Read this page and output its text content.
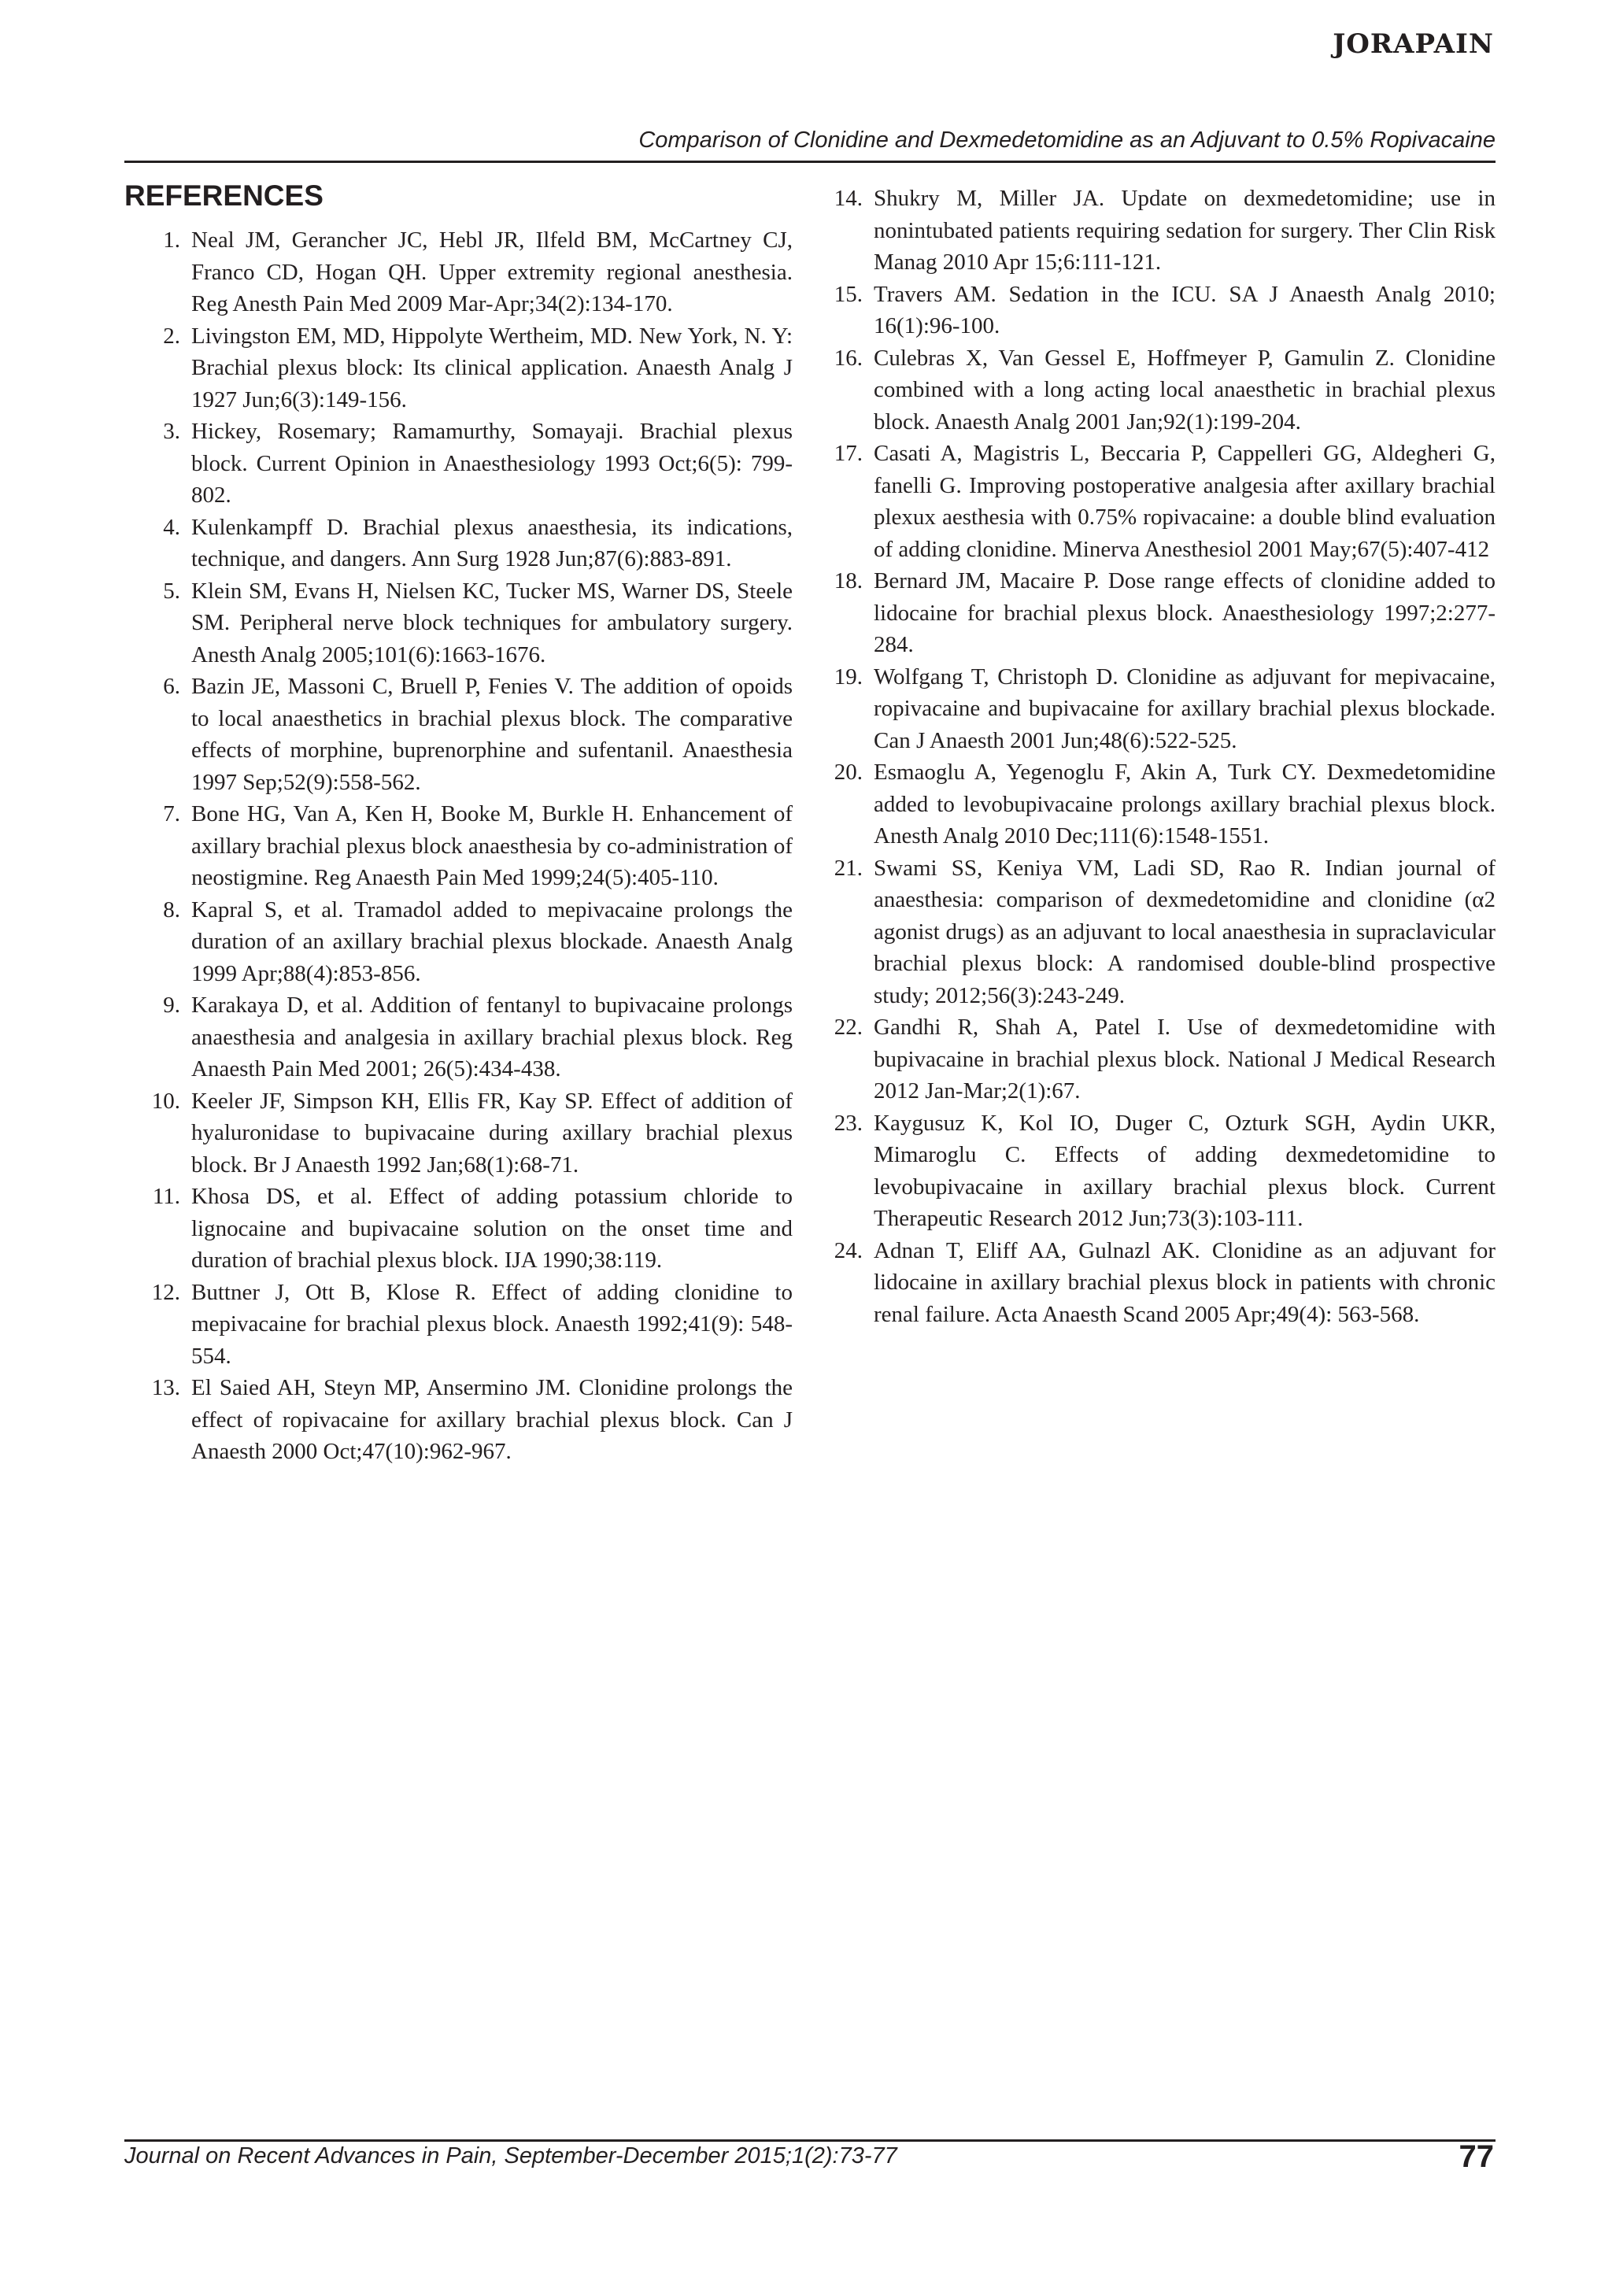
JORAPAIN
Comparison of Clonidine and Dexmedetomidine as an Adjuvant to 0.5% Ropivacaine
REFERENCES
1. Neal JM, Gerancher JC, Hebl JR, Ilfeld BM, McCartney CJ, Franco CD, Hogan QH. Upper extremity regional anesthesia. Reg Anesth Pain Med 2009 Mar-Apr;34(2):134-170.
2. Livingston EM, MD, Hippolyte Wertheim, MD. New York, N. Y: Brachial plexus block: Its clinical application. Anaesth Analg J 1927 Jun;6(3):149-156.
3. Hickey, Rosemary; Ramamurthy, Somayaji. Brachial plexus block. Current Opinion in Anaesthesiology 1993 Oct;6(5): 799-802.
4. Kulenkampff D. Brachial plexus anaesthesia, its indications, technique, and dangers. Ann Surg 1928 Jun;87(6):883-891.
5. Klein SM, Evans H, Nielsen KC, Tucker MS, Warner DS, Steele SM. Peripheral nerve block techniques for ambulatory surgery. Anesth Analg 2005;101(6):1663-1676.
6. Bazin JE, Massoni C, Bruell P, Fenies V. The addition of opoids to local anaesthetics in brachial plexus block. The comparative effects of morphine, buprenorphine and sufentanil. Anaesthesia 1997 Sep;52(9):558-562.
7. Bone HG, Van A, Ken H, Booke M, Burkle H. Enhancement of axillary brachial plexus block anaesthesia by co-administration of neostigmine. Reg Anaesth Pain Med 1999;24(5):405-110.
8. Kapral S, et al. Tramadol added to mepivacaine prolongs the duration of an axillary brachial plexus blockade. Anaesth Analg 1999 Apr;88(4):853-856.
9. Karakaya D, et al. Addition of fentanyl to bupivacaine prolongs anaesthesia and analgesia in axillary brachial plexus block. Reg Anaesth Pain Med 2001; 26(5):434-438.
10. Keeler JF, Simpson KH, Ellis FR, Kay SP. Effect of addition of hyaluronidase to bupivacaine during axillary brachial plexus block. Br J Anaesth 1992 Jan;68(1):68-71.
11. Khosa DS, et al. Effect of adding potassium chloride to lignocaine and bupivacaine solution on the onset time and duration of brachial plexus block. IJA 1990;38:119.
12. Buttner J, Ott B, Klose R. Effect of adding clonidine to mepivacaine for brachial plexus block. Anaesth 1992;41(9): 548-554.
13. El Saied AH, Steyn MP, Ansermino JM. Clonidine prolongs the effect of ropivacaine for axillary brachial plexus block. Can J Anaesth 2000 Oct;47(10):962-967.
14. Shukry M, Miller JA. Update on dexmedetomidine; use in nonintubated patients requiring sedation for surgery. Ther Clin Risk Manag 2010 Apr 15;6:111-121.
15. Travers AM. Sedation in the ICU. SA J Anaesth Analg 2010; 16(1):96-100.
16. Culebras X, Van Gessel E, Hoffmeyer P, Gamulin Z. Clonidine combined with a long acting local anaesthetic in brachial plexus block. Anaesth Analg 2001 Jan;92(1):199-204.
17. Casati A, Magistris L, Beccaria P, Cappelleri GG, Aldegheri G, fanelli G. Improving postoperative analgesia after axillary brachial plexux aesthesia with 0.75% ropivacaine: a double blind evaluation of adding clonidine. Minerva Anesthesiol 2001 May;67(5):407-412
18. Bernard JM, Macaire P. Dose range effects of clonidine added to lidocaine for brachial plexus block. Anaesthesiology 1997;2:277-284.
19. Wolfgang T, Christoph D. Clonidine as adjuvant for mepivacaine, ropivacaine and bupivacaine for axillary brachial plexus blockade. Can J Anaesth 2001 Jun;48(6):522-525.
20. Esmaoglu A, Yegenoglu F, Akin A, Turk CY. Dexmedetomidine added to levobupivacaine prolongs axillary brachial plexus block. Anesth Analg 2010 Dec;111(6):1548-1551.
21. Swami SS, Keniya VM, Ladi SD, Rao R. Indian journal of anaesthesia: comparison of dexmedetomidine and clonidine (α2 agonist drugs) as an adjuvant to local anaesthesia in supraclavicular brachial plexus block: A randomised double-blind prospective study; 2012;56(3):243-249.
22. Gandhi R, Shah A, Patel I. Use of dexmedetomidine with bupivacaine in brachial plexus block. National J Medical Research 2012 Jan-Mar;2(1):67.
23. Kaygusuz K, Kol IO, Duger C, Ozturk SGH, Aydin UKR, Mimaroglu C. Effects of adding dexmedetomidine to levobupivacaine in axillary brachial plexus block. Current Therapeutic Research 2012 Jun;73(3):103-111.
24. Adnan T, Eliff AA, Gulnazl AK. Clonidine as an adjuvant for lidocaine in axillary brachial plexus block in patients with chronic renal failure. Acta Anaesth Scand 2005 Apr;49(4): 563-568.
Journal on Recent Advances in Pain, September-December 2015;1(2):73-77	77
